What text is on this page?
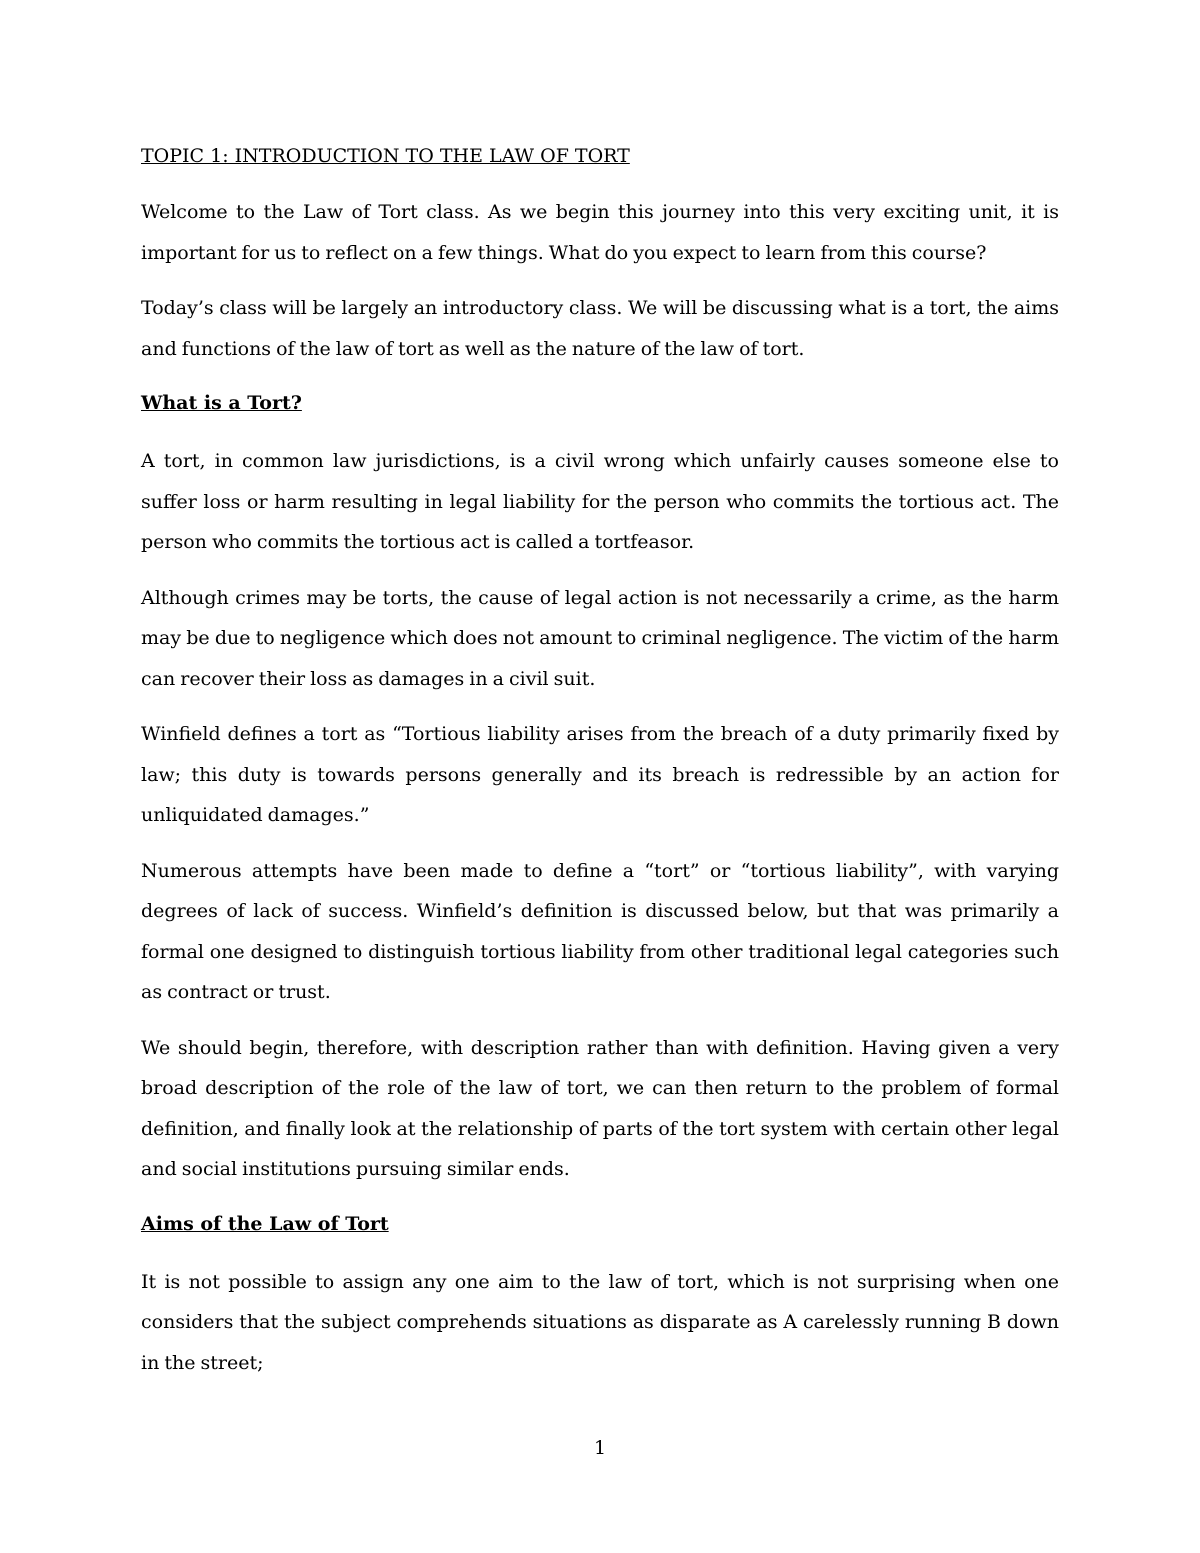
TOPIC 1: INTRODUCTION TO THE LAW OF TORT

Welcome to the Law of Tort class. As we begin this journey into this very exciting unit, it is important for us to reflect on a few things. What do you expect to learn from this course?

Today’s class will be largely an introductory class. We will be discussing what is a tort, the aims and functions of the law of tort as well as the nature of the law of tort.

What is a Tort?

A tort, in common law jurisdictions, is a civil wrong which unfairly causes someone else to suffer loss or harm resulting in legal liability for the person who commits the tortious act. The person who commits the tortious act is called a tortfeasor.

Although crimes may be torts, the cause of legal action is not necessarily a crime, as the harm may be due to negligence which does not amount to criminal negligence. The victim of the harm can recover their loss as damages in a civil suit.

Winfield defines a tort as “Tortious liability arises from the breach of a duty primarily fixed by law; this duty is towards persons generally and its breach is redressible by an action for unliquidated damages.”

Numerous attempts have been made to define a “tort” or “tortious liability”, with varying degrees of lack of success. Winfield’s definition is discussed below, but that was primarily a formal one designed to distinguish tortious liability from other traditional legal categories such as contract or trust.

We should begin, therefore, with description rather than with definition. Having given a very broad description of the role of the law of tort, we can then return to the problem of formal definition, and finally look at the relationship of parts of the tort system with certain other legal and social institutions pursuing similar ends.

Aims of the Law of Tort

It is not possible to assign any one aim to the law of tort, which is not surprising when one considers that the subject comprehends situations as disparate as A carelessly running B down in the street;

1
